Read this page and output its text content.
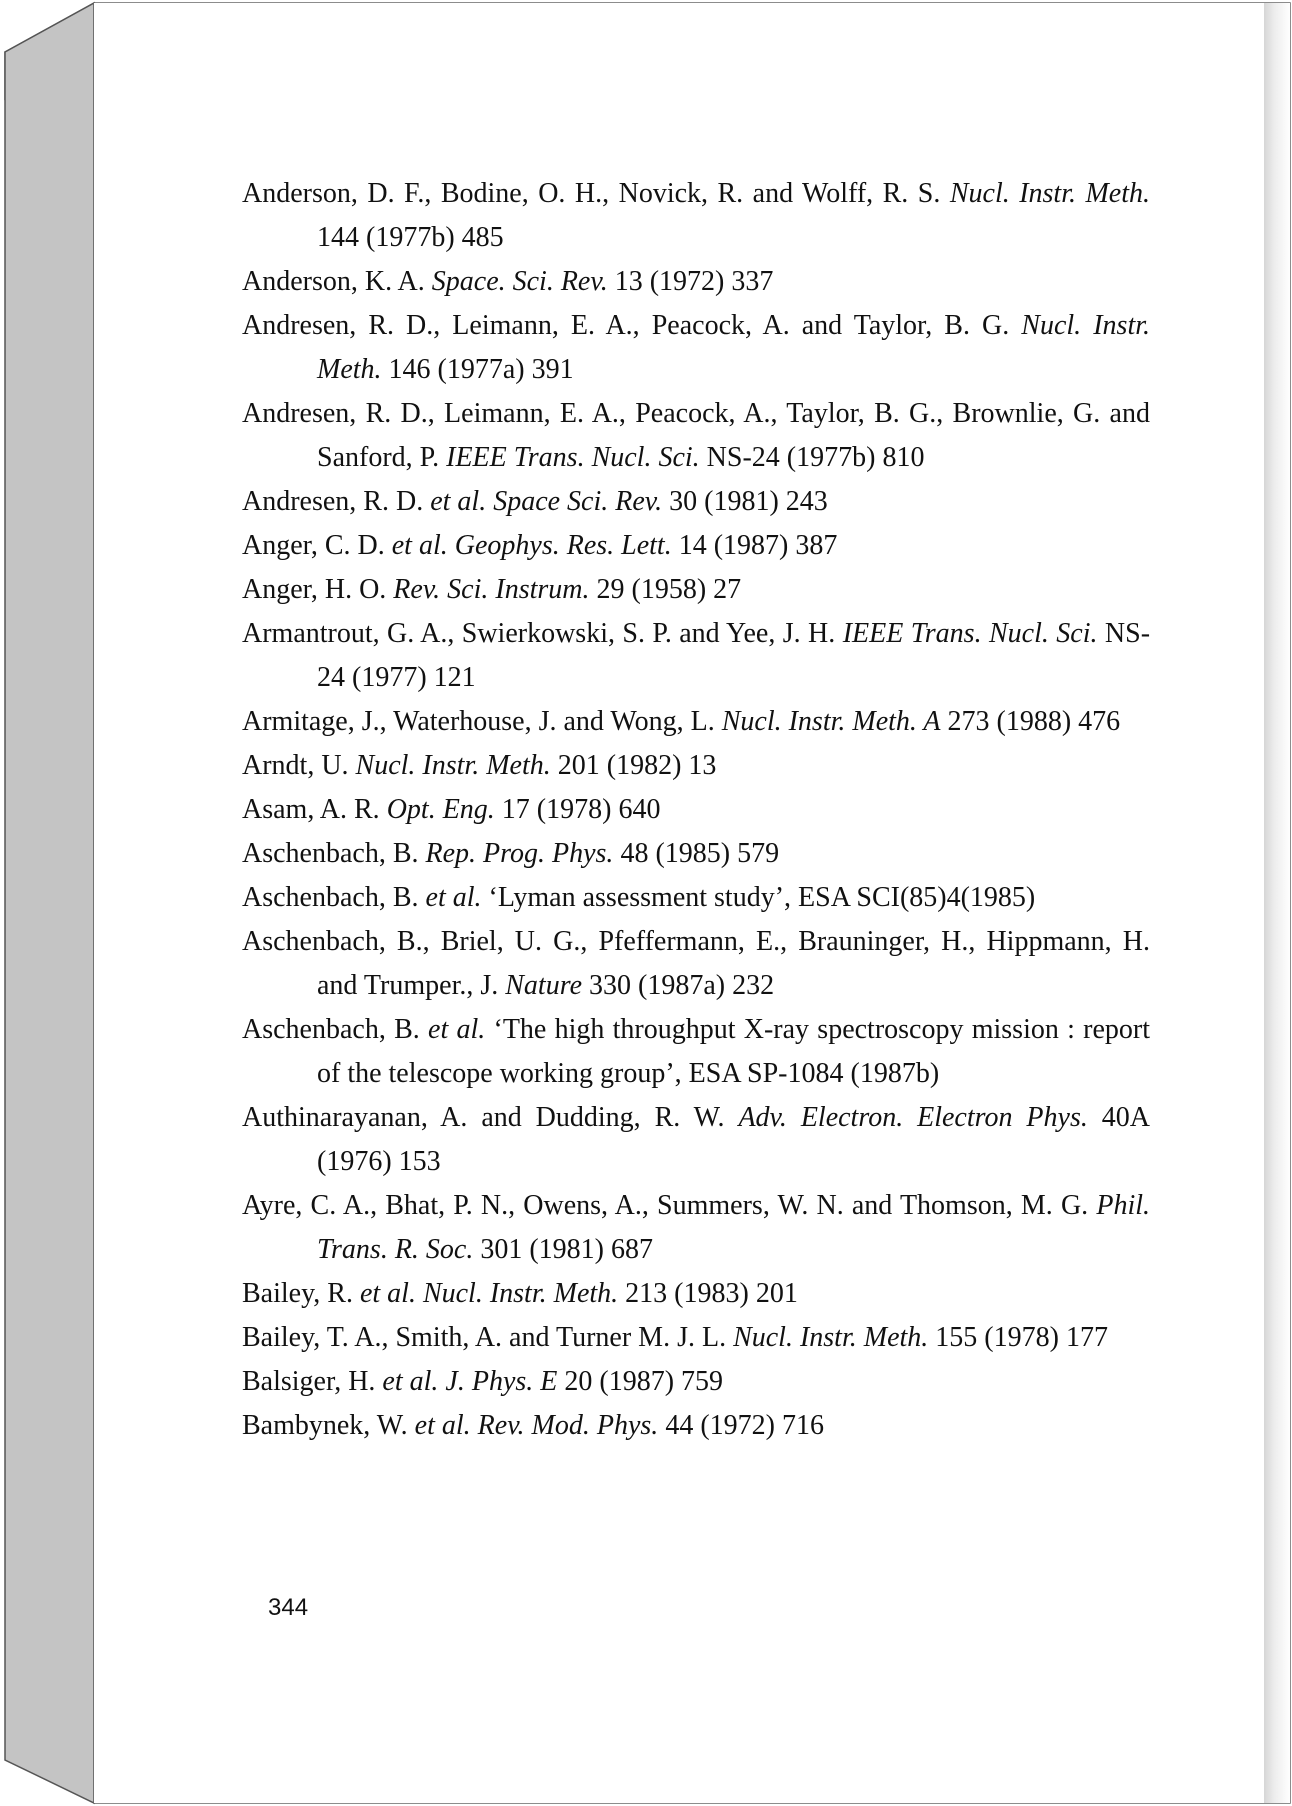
Anderson, D. F., Bodine, O. H., Novick, R. and Wolff, R. S. Nucl. Instr. Meth. 144 (1977b) 485

Anderson, K. A. Space. Sci. Rev. 13 (1972) 337

Andresen, R. D., Leimann, E. A., Peacock, A. and Taylor, B. G. Nucl. Instr. Meth. 146 (1977a) 391

Andresen, R. D., Leimann, E. A., Peacock, A., Taylor, B. G., Brownlie, G. and Sanford, P. IEEE Trans. Nucl. Sci. NS-24 (1977b) 810

Andresen, R. D. et al. Space Sci. Rev. 30 (1981) 243

Anger, C. D. et al. Geophys. Res. Lett. 14 (1987) 387

Anger, H. O. Rev. Sci. Instrum. 29 (1958) 27

Armantrout, G. A., Swierkowski, S. P. and Yee, J. H. IEEE Trans. Nucl. Sci. NS-24 (1977) 121

Armitage, J., Waterhouse, J. and Wong, L. Nucl. Instr. Meth. A 273 (1988) 476

Arndt, U. Nucl. Instr. Meth. 201 (1982) 13

Asam, A. R. Opt. Eng. 17 (1978) 640

Aschenbach, B. Rep. Prog. Phys. 48 (1985) 579

Aschenbach, B. et al. ‘Lyman assessment study’, ESA SCI(85)4(1985)

Aschenbach, B., Briel, U. G., Pfeffermann, E., Brauninger, H., Hippmann, H. and Trumper., J. Nature 330 (1987a) 232

Aschenbach, B. et al. ‘The high throughput X-ray spectroscopy mission : report of the telescope working group’, ESA SP-1084 (1987b)

Authinarayanan, A. and Dudding, R. W. Adv. Electron. Electron Phys. 40A (1976) 153

Ayre, C. A., Bhat, P. N., Owens, A., Summers, W. N. and Thomson, M. G. Phil. Trans. R. Soc. 301 (1981) 687

Bailey, R. et al. Nucl. Instr. Meth. 213 (1983) 201

Bailey, T. A., Smith, A. and Turner M. J. L. Nucl. Instr. Meth. 155 (1978) 177

Balsiger, H. et al. J. Phys. E 20 (1987) 759

Bambynek, W. et al. Rev. Mod. Phys. 44 (1972) 716

344
